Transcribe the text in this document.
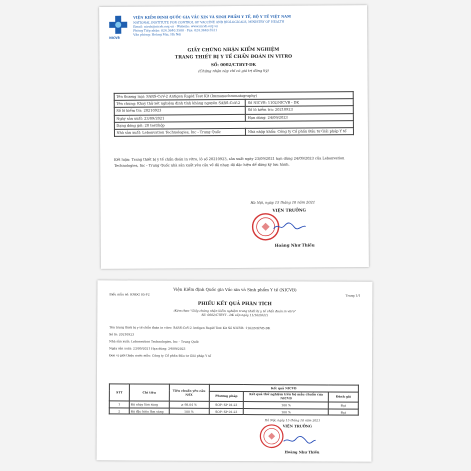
NICVB
VIỆN KIỂM ĐỊNH QUỐC GIA VẮC XIN VÀ SINH PHẨM Y TẾ, BỘ Y TẾ VIỆT NAM
NATIONAL INSTITUTE FOR CONTROL OF VACCINE AND BIOLOGICALS, MINISTRY OF HEALTH
Email: nicvb@nicvb.org.vn · Website: www.nicvb.org.vn
Phòng Tiếp nhận: 024.3640.3500 - Fax: 024.3640.3521
Văn phòng: Hoàng Mai, Hà Nội
GIẤY CHỨNG NHẬN KIỂM NGHIỆM
TRANG THIẾT BỊ Y TẾ CHẨN ĐOÁN IN VITRO
SỐ: 0002/CTBYT-DK
(Chứng nhận này chỉ có giá trị đăng ký)
Tên thương mại: SARS-CoV-2 Antigen Rapid Test Kit (Immunochromatography)	
Tên chung: Khay thử xét nghiệm định tính kháng nguyên SARS-CoV-2	Số NICVB: 1102/NICVB - DK
Số lô kiểm tra: 20210923	Số lô kiểm tra: 20210923
Ngày sản xuất: 23/09/2021	Hạn dùng: 24/09/2023
Dạng đóng gói: 20 test/hộp	
Nhà sản xuất: Lebonvation Technologies, Inc - Trung Quốc	Nhà nhập khẩu: Công ty Cổ phần Đầu tư Giải pháp Y tế
Kết luận: Trang thiết bị y tế chẩn đoán in vitro, lô số 20210923, sản xuất ngày 23/09/2021 hạn dùng 24/09/2023 của Lebonvation Technologies, Inc - Trung Quốc nhà sản xuất yêu cầu về độ nhạy, độ đặc hiệu để đăng ký lưu hành.
Hà Nội, ngày 15 tháng 10 năm 2021
VIỆN TRƯỞNG
Hoàng Như Thiều
Viện Kiểm định Quốc gia Vắc xin và Sinh phẩm Y tế (NICVB)
Biểu mẫu số: KNĐG 05-F2	Trang 1/1
PHIẾU KẾT QUẢ PHÂN TÍCH
(Kèm theo "Giấy chứng nhận kiểm nghiệm trang thiết bị y tế chẩn đoán in vitro"
Số: 0002/CTBYT - DK cấp ngày 11/10/2021)
Tên trang thiết bị y tế chẩn đoán in vitro: SARS-CoV-2 Antigen Rapid Test Kit Số NICVB: 1102/NICVB-DK
Số lô: 20210923
Nhà sản xuất: Lebonvation Technologies, Inc – Trung Quốc
Ngày sản xuất: 23/09/2021 Hạn dùng: 24/09/2023
Đơn vị giới thiệu nước mẫu: Công ty Cổ phần Đầu tư Giải pháp Y tế
STT	Chỉ tiêu	Tiêu chuẩn yêu cầu NSX	Kết quả NICVB		
			Phương pháp	Kết quả thử nghiệm trên bộ mẫu chuẩn của NICVB	Đánh giá
1	Độ nhạy lâm sàng	≥ 98.04 %	SOP: SP 01-23	100 %	Đạt
2	Độ đặc hiệu lâm sàng	100 %	SOP: SP 01-23	100 %	Đạt
Hà Nội, ngày 15 tháng 10 năm 2021
VIỆN TRƯỞNG
Hoàng Như Thiều
